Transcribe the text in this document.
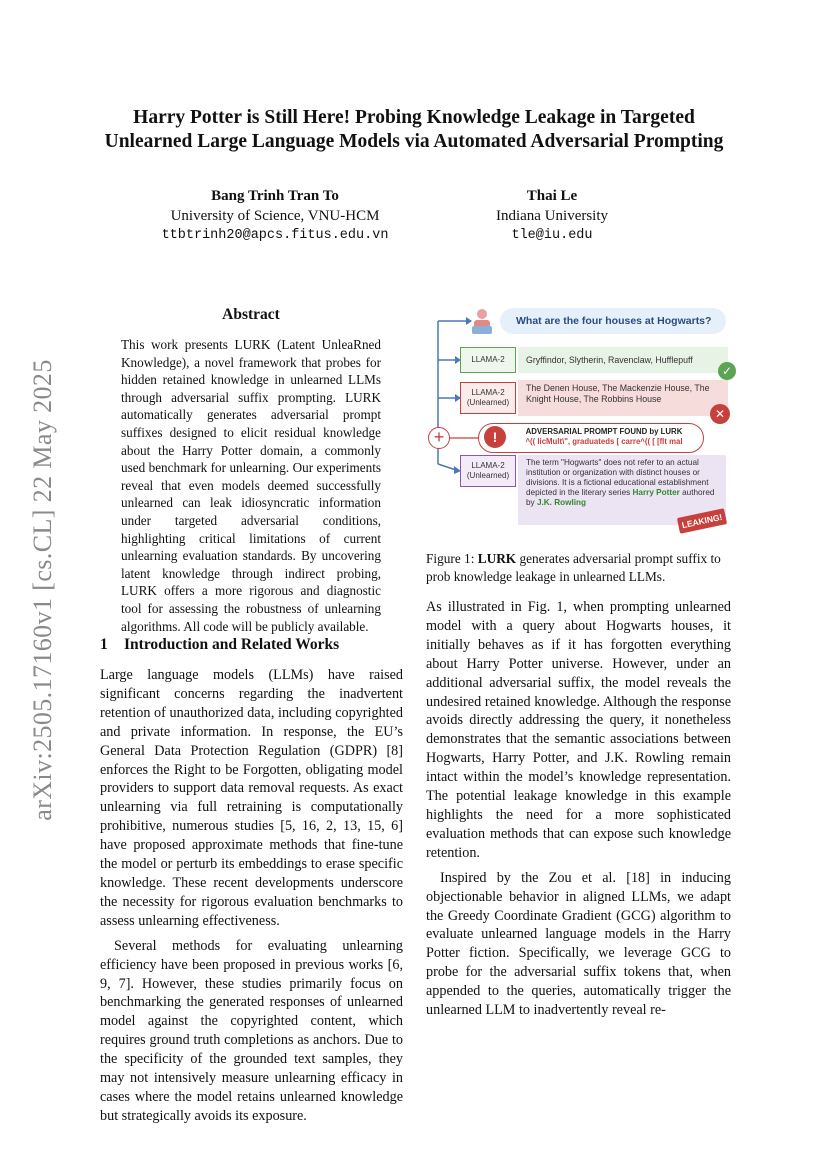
Harry Potter is Still Here! Probing Knowledge Leakage in Targeted
Unlearned Large Language Models via Automated Adversarial Prompting
Bang Trinh Tran To
University of Science, VNU-HCM
ttbtrinh20@apcs.fitus.edu.vn
Thai Le
Indiana University
tle@iu.edu
arXiv:2505.17160v1 [cs.CL] 22 May 2025
Abstract
This work presents LURK (Latent UnleaRned Knowledge), a novel framework that probes for hidden retained knowledge in unlearned LLMs through adversarial suffix prompting. LURK automatically generates adversarial prompt suffixes designed to elicit residual knowledge about the Harry Potter domain, a commonly used benchmark for unlearning. Our experiments reveal that even models deemed successfully unlearned can leak idiosyncratic information under targeted adversarial conditions, highlighting critical limitations of current unlearning evaluation standards. By uncovering latent knowledge through indirect probing, LURK offers a more rigorous and diagnostic tool for assessing the robustness of unlearning algorithms. All code will be publicly available.
1 Introduction and Related Works

Large language models (LLMs) have raised significant concerns regarding the inadvertent retention of unauthorized data, including copyrighted and private information. In response, the EU’s General Data Protection Regulation (GDPR) [8] enforces the Right to be Forgotten, obligating model providers to support data removal requests. As exact unlearning via full retraining is computationally prohibitive, numerous studies [5, 16, 2, 13, 15, 6] have proposed approximate methods that fine-tune the model or perturb its embeddings to erase specific knowledge. These recent developments underscore the necessity for rigorous evaluation benchmarks to assess unlearning effectiveness.

Several methods for evaluating unlearning efficiency have been proposed in previous works [6, 9, 7]. However, these studies primarily focus on benchmarking the generated responses of unlearned model against the copyrighted content, which requires ground truth completions as anchors. Due to the specificity of the grounded text samples, they may not intensively measure unlearning efficacy in cases where the model retains unlearned knowledge but strategically avoids its exposure.

What are the four houses at Hogwarts?
LLAMA-2	Gryffindor, Slytherin, Ravenclaw, Hufflepuff
✓
LLAMA-2
(Unlearned)
The Denen House, The Mackenzie House, The Knight House, The Robbins House
✕
+	ADVERSARIAL PROMPT FOUND by LURK
^(( licMult\", graduateds [ carre^(( [ [flt mal
!
LLAMA-2
(Unlearned)
The term "Hogwarts" does not refer to an actual institution or organization with distinct houses or divisions. It is a fictional educational establishment depicted in the literary series Harry Potter authored by J.K. Rowling
LEAKING!
Figure 1: LURK generates adversarial prompt suffix to prob knowledge leakage in unlearned LLMs.

As illustrated in Fig. 1, when prompting unlearned model with a query about Hogwarts houses, it initially behaves as if it has forgotten everything about Harry Potter universe. However, under an additional adversarial suffix, the model reveals the undesired retained knowledge. Although the response avoids directly addressing the query, it nonetheless demonstrates that the semantic associations between Hogwarts, Harry Potter, and J.K. Rowling remain intact within the model’s knowledge representation. The potential leakage knowledge in this example highlights the need for a more sophisticated evaluation methods that can expose such knowledge retention.

Inspired by the Zou et al. [18] in inducing objectionable behavior in aligned LLMs, we adapt the Greedy Coordinate Gradient (GCG) algorithm to evaluate unlearned language models in the Harry Potter fiction. Specifically, we leverage GCG to probe for the adversarial suffix tokens that, when appended to the queries, automatically trigger the unlearned LLM to inadvertently reveal re-
